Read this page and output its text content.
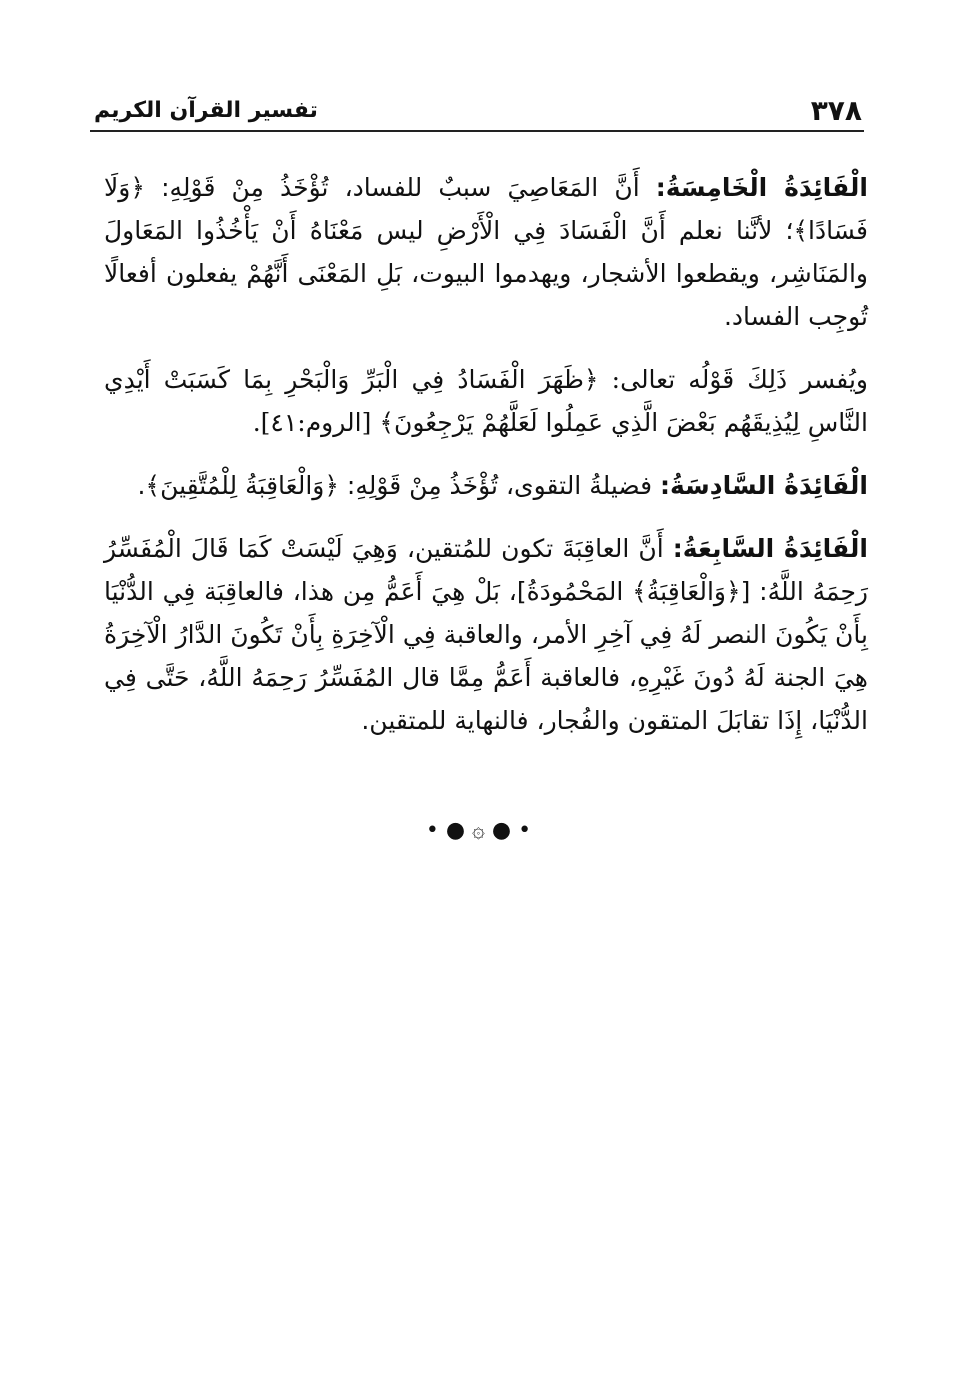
٣٧٨
تفسير القرآن الكريم

الْفَائِدَةُ الْخَامِسَةُ: أَنَّ المَعَاصِيَ سببٌ للفساد، تُؤْخَذُ مِنْ قَوْلِهِ: ﴿وَلَا فَسَادًا﴾؛ لأنَّنا نعلم أَنَّ الْفَسَادَ فِي الْأَرْضِ ليس مَعْنَاهُ أَنْ يَأْخُذُوا المَعَاولَ والمَنَاشِر، ويقطعوا الأشجار، ويهدموا البيوت، بَلِ المَعْنَى أَنَّهُمْ يفعلون أفعالًا تُوجِب الفساد.

ويُفسر ذَلِكَ قَوْلُه تعالى: ﴿ظَهَرَ الْفَسَادُ فِي الْبَرِّ وَالْبَحْرِ بِمَا كَسَبَتْ أَيْدِي النَّاسِ لِيُذِيقَهُم بَعْضَ الَّذِي عَمِلُوا لَعَلَّهُمْ يَرْجِعُونَ﴾ [الروم:٤١].

الْفَائِدَةُ السَّادِسَةُ: فضيلةُ التقوى، تُؤْخَذُ مِنْ قَوْلِهِ: ﴿وَالْعَاقِبَةُ لِلْمُتَّقِينَ﴾.

الْفَائِدَةُ السَّابِعَةُ: أَنَّ العاقِبَةَ تكون للمُتقين، وَهِيَ لَيْسَتْ كَمَا قَالَ الْمُفَسِّرُ رَحِمَهُ اللَّهُ: [﴿وَالْعَاقِبَةُ﴾ المَحْمُودَةُ]، بَلْ هِيَ أَعَمُّ مِن هذا، فالعاقِبَة فِي الدُّنْيَا بِأَنْ يَكُونَ النصر لَهُ فِي آخِرِ الأمر، والعاقبة فِي الْآخِرَةِ بِأَنْ تَكُونَ الدَّارُ الْآخِرَةُ هِيَ الجنة لَهُ دُونَ غَيْرِهِ، فالعاقبة أَعَمُّ مِمَّا قال المُفَسِّرُ رَحِمَهُ اللَّهُ، حَتَّى فِي الدُّنْيَا، إِذَا تقابَلَ المتقون والفُجار، فالنهاية للمتقين.

• ● ۞ ● •
